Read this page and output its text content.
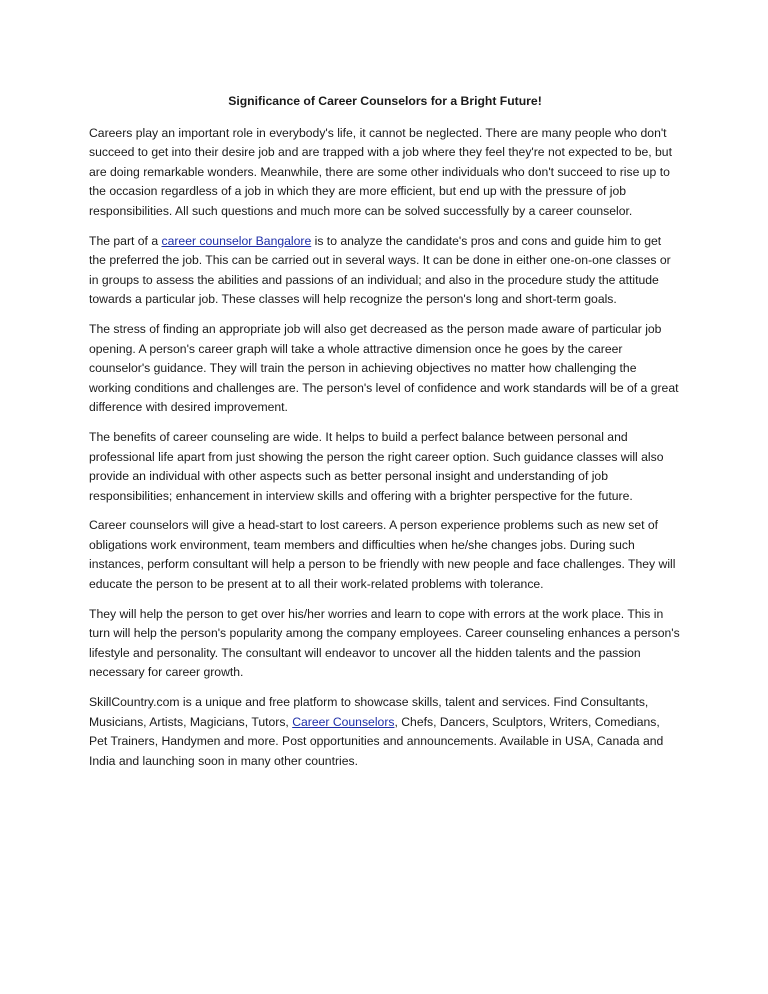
Significance of Career Counselors for a Bright Future!

Careers play an important role in everybody's life, it cannot be neglected. There are many people who don't succeed to get into their desire job and are trapped with a job where they feel they're not expected to be, but are doing remarkable wonders. Meanwhile, there are some other individuals who don't succeed to rise up to the occasion regardless of a job in which they are more efficient, but end up with the pressure of job responsibilities. All such questions and much more can be solved successfully by a career counselor.

The part of a career counselor Bangalore is to analyze the candidate's pros and cons and guide him to get the preferred the job. This can be carried out in several ways. It can be done in either one-on-one classes or in groups to assess the abilities and passions of an individual; and also in the procedure study the attitude towards a particular job. These classes will help recognize the person's long and short-term goals.

The stress of finding an appropriate job will also get decreased as the person made aware of particular job opening. A person's career graph will take a whole attractive dimension once he goes by the career counselor's guidance. They will train the person in achieving objectives no matter how challenging the working conditions and challenges are. The person's level of confidence and work standards will be of a great difference with desired improvement.

The benefits of career counseling are wide. It helps to build a perfect balance between personal and professional life apart from just showing the person the right career option. Such guidance classes will also provide an individual with other aspects such as better personal insight and understanding of job responsibilities; enhancement in interview skills and offering with a brighter perspective for the future.

Career counselors will give a head-start to lost careers. A person experience problems such as new set of obligations work environment, team members and difficulties when he/she changes jobs. During such instances, perform consultant will help a person to be friendly with new people and face challenges. They will educate the person to be present at to all their work-related problems with tolerance.

They will help the person to get over his/her worries and learn to cope with errors at the work place. This in turn will help the person's popularity among the company employees. Career counseling enhances a person's lifestyle and personality. The consultant will endeavor to uncover all the hidden talents and the passion necessary for career growth.

SkillCountry.com is a unique and free platform to showcase skills, talent and services. Find Consultants, Musicians, Artists, Magicians, Tutors, Career Counselors, Chefs, Dancers, Sculptors, Writers, Comedians, Pet Trainers, Handymen and more. Post opportunities and announcements. Available in USA, Canada and India and launching soon in many other countries.
